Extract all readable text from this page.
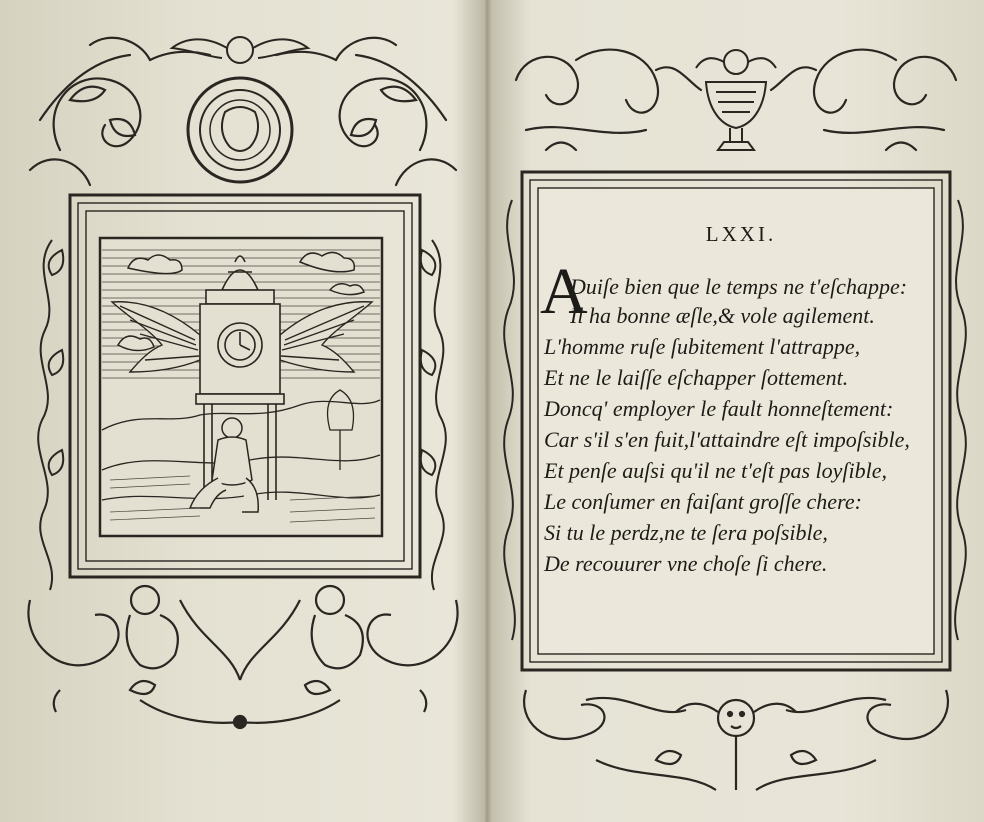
LXXI.
A
Duiſe bien que le temps ne t'eſchappe:
Il ha bonne æſle,& vole agilement.
L'homme ruſe ſubitement l'attrappe,
Et ne le laiſſe eſchapper ſottement.
Doncq' employer le fault honneſtement:
Car s'il s'en fuit,l'attaindre eſt impoſsible,
Et penſe auſsi qu'il ne t'eſt pas loyſible,
Le conſumer en faiſant groſſe chere:
Si tu le perdz,ne te ſera poſsible,
De recouurer vne choſe ſi chere.
